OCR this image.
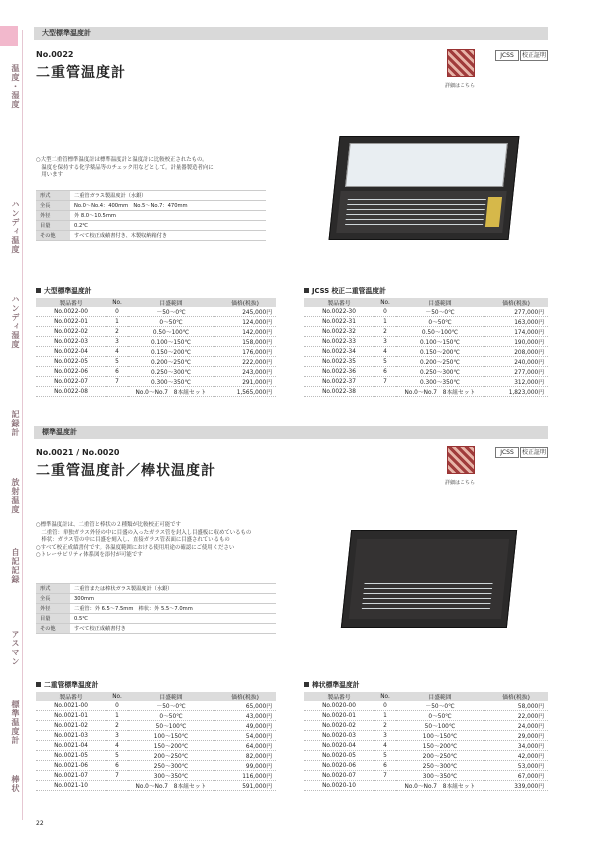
温度・湿度
ハンディ温度
ハンディ湿度
記録計
放射温度
自記記録
アスマン
標準温度計
棒状
大型標準温度計
No.0022
二重管温度計
詳細はこちら
JCSS	校正証明
○大型二重管標準温度計は標準温度計と温度計に比較校正されたもの。
　温度を保持する化学薬品等のチェック用などとして。計量器製造者向に
　用います
形式	二重管ガラス製温度計（水銀）
全長	No.0～No.4：400mm　No.5～No.7：470mm
外径	外 8.0～10.5mm
目量	0.2℃
その他	すべて校正成績書付き、木製収納箱付き
大型標準温度計
製品番号	No.	目盛範囲	価格(税抜)
No.0022-00	0	－50～0℃	245,000円
No.0022-01	1	0～50℃	124,000円
No.0022-02	2	0.50～100℃	142,000円
No.0022-03	3	0.100～150℃	158,000円
No.0022-04	4	0.150～200℃	176,000円
No.0022-05	5	0.200～250℃	222,000円
No.0022-06	6	0.250～300℃	243,000円
No.0022-07	7	0.300～350℃	291,000円
No.0022-08		No.0～No.7　8本組セット	1,565,000円
JCSS 校正二重管温度計
製品番号	No.	目盛範囲	価格(税抜)
No.0022-30	0	－50～0℃	277,000円
No.0022-31	1	0～50℃	163,000円
No.0022-32	2	0.50～100℃	174,000円
No.0022-33	3	0.100～150℃	190,000円
No.0022-34	4	0.150～200℃	208,000円
No.0022-35	5	0.200～250℃	240,000円
No.0022-36	6	0.250～300℃	277,000円
No.0022-37	7	0.300～350℃	312,000円
No.0022-38		No.0～No.7　8本組セット	1,823,000円
標準温度計
No.0021 / No.0020
二重管温度計／棒状温度計
詳細はこちら
JCSS	校正証明
○標準温度計は、二重管と棒状の２種類が比較校正可能です
　二重管：単独ガラス外径の中に目盛の入ったガラス管を封入し目盛板に収めているもの
　棒状：ガラス管の中に目盛を刻入し、直接ガラス管表面に目盛されているもの
○すべて校正成績書付です。各温度範囲における使用用途の確認にご使用ください
○トレーサビリティ体系図を添付が可能です
形式	二重管または棒状ガラス製温度計（水銀）
全長	300mm
外径	二重管：外 6.5～7.5mm　棒状：外 5.5～7.0mm
目量	0.5℃
その他	すべて校正成績書付き
二重管標準温度計
製品番号	No.	目盛範囲	価格(税抜)
No.0021-00	0	－50～0℃	65,000円
No.0021-01	1	0～50℃	43,000円
No.0021-02	2	50～100℃	49,000円
No.0021-03	3	100～150℃	54,000円
No.0021-04	4	150～200℃	64,000円
No.0021-05	5	200～250℃	82,000円
No.0021-06	6	250～300℃	99,000円
No.0021-07	7	300～350℃	116,000円
No.0021-10		No.0～No.7　8本組セット	591,000円
棒状標準温度計
製品番号	No.	目盛範囲	価格(税抜)
No.0020-00	0	－50～0℃	58,000円
No.0020-01	1	0～50℃	22,000円
No.0020-02	2	50～100℃	24,000円
No.0020-03	3	100～150℃	29,000円
No.0020-04	4	150～200℃	34,000円
No.0020-05	5	200～250℃	42,000円
No.0020-06	6	250～300℃	53,000円
No.0020-07	7	300～350℃	67,000円
No.0020-10		No.0～No.7　8本組セット	339,000円
22
